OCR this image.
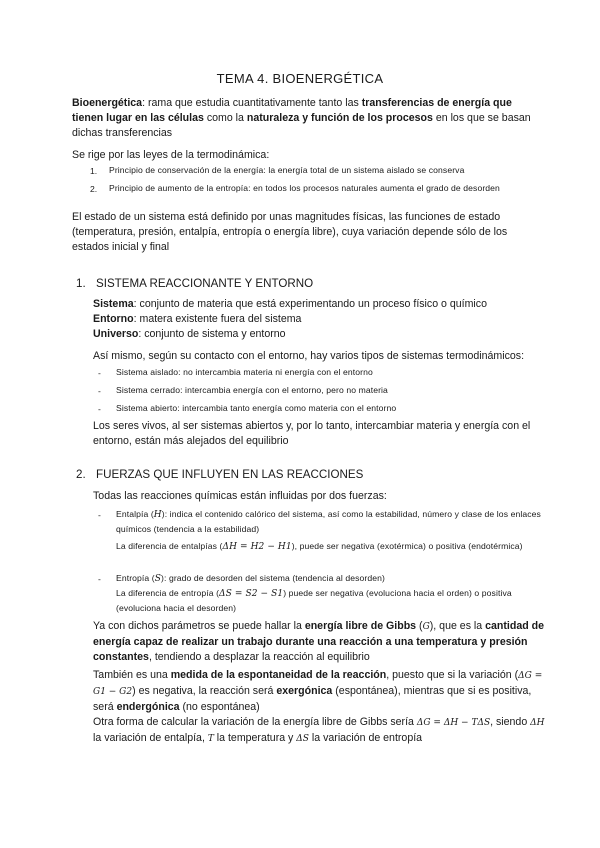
TEMA 4. BIOENERGÉTICA
Bioenergética: rama que estudia cuantitativamente tanto las transferencias de energía que tienen lugar en las células como la naturaleza y función de los procesos en los que se basan dichas transferencias
Se rige por las leyes de la termodinámica:
1. Principio de conservación de la energía: la energía total de un sistema aislado se conserva
2. Principio de aumento de la entropía: en todos los procesos naturales aumenta el grado de desorden
El estado de un sistema está definido por unas magnitudes físicas, las funciones de estado (temperatura, presión, entalpía, entropía o energía libre), cuya variación depende sólo de los estados inicial y final
1. SISTEMA REACCIONANTE Y ENTORNO
Sistema: conjunto de materia que está experimentando un proceso físico o químico
Entorno: matera existente fuera del sistema
Universo: conjunto de sistema y entorno
Así mismo, según su contacto con el entorno, hay varios tipos de sistemas termodinámicos:
- Sistema aislado: no intercambia materia ni energía con el entorno
- Sistema cerrado: intercambia energía con el entorno, pero no materia
- Sistema abierto: intercambia tanto energía como materia con el entorno
Los seres vivos, al ser sistemas abiertos y, por lo tanto, intercambiar materia y energía con el entorno, están más alejados del equilibrio
2. FUERZAS QUE INFLUYEN EN LAS REACCIONES
Todas las reacciones químicas están influidas por dos fuerzas:
- Entalpía (H): indica el contenido calórico del sistema, así como la estabilidad, número y clase de los enlaces químicos (tendencia a la estabilidad)
La diferencia de entalpías (ΔH = H2 − H1), puede ser negativa (exotérmica) o positiva (endotérmica)
- Entropía (S): grado de desorden del sistema (tendencia al desorden)
La diferencia de entropía (ΔS = S2 − S1) puede ser negativa (evoluciona hacia el orden) o positiva (evoluciona hacia el desorden)
Ya con dichos parámetros se puede hallar la energía libre de Gibbs (G), que es la cantidad de energía capaz de realizar un trabajo durante una reacción a una temperatura y presión constantes, tendiendo a desplazar la reacción al equilibrio
También es una medida de la espontaneidad de la reacción, puesto que si la variación (ΔG = G1 − G2) es negativa, la reacción será exergónica (espontánea), mientras que si es positiva, será endergónica (no espontánea)
Otra forma de calcular la variación de la energía libre de Gibbs sería ΔG = ΔH − TΔS, siendo ΔH la variación de entalpía, T la temperatura y ΔS la variación de entropía
